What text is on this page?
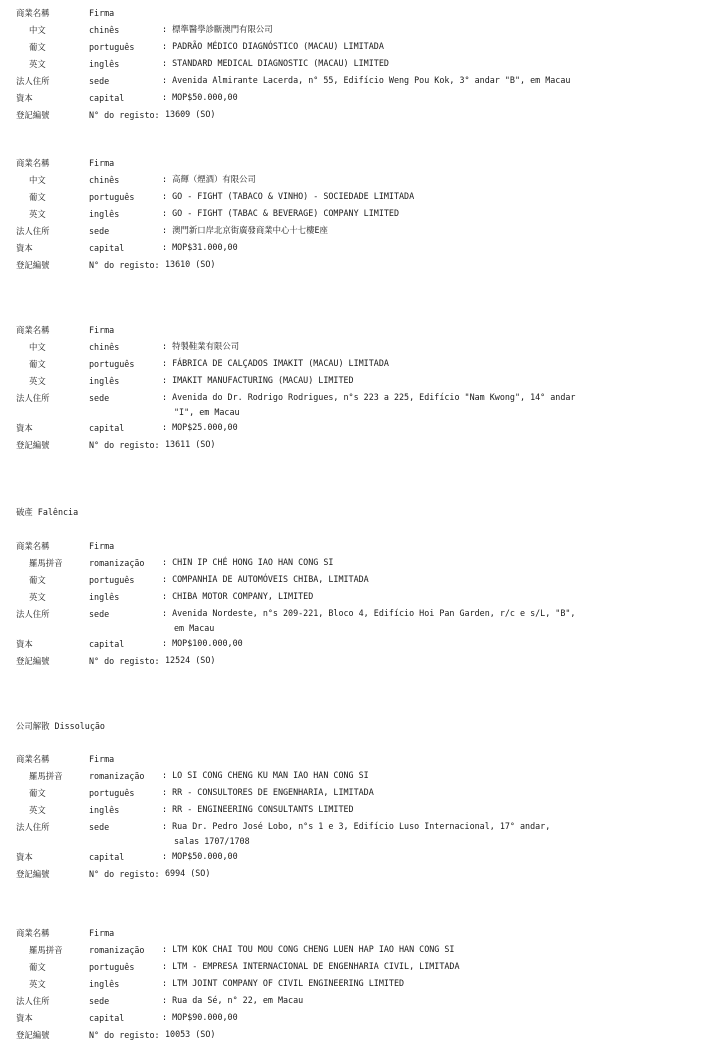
商業名稱	Firma
中文	chinês	: 標準醫學診斷澳門有限公司
葡文	português	: PADRÃO MÉDICO DIAGNÓSTICO (MACAU) LIMITADA
英文	inglês	: STANDARD MEDICAL DIAGNOSTIC (MACAU) LIMITED
法人住所	sede	: Avenida Almirante Lacerda, n° 55, Edifício Weng Pou Kok, 3° andar "B", em Macau
資本	capital	: MOP$50.000,00
登記編號	N° do registo: 13609 (SO)
商業名稱	Firma
中文	chinês	: 高輝（煙酒）有限公司
葡文	português	: GO - FIGHT (TABACO & VINHO) - SOCIEDADE LIMITADA
英文	inglês	: GO - FIGHT (TABAC & BEVERAGE) COMPANY LIMITED
法人住所	sede	: 澳門新口岸北京街廣發商業中心十七樓E座
資本	capital	: MOP$31.000,00
登記編號	N° do registo: 13610 (SO)
商業名稱	Firma
中文	chinês	: 特製鞋業有限公司
葡文	português	: FÁBRICA DE CALÇADOS IMAKIT (MACAU) LIMITADA
英文	inglês	: IMAKIT MANUFACTURING (MACAU) LIMITED
法人住所	sede	: Avenida do Dr. Rodrigo Rodrigues, n°s 223 a 225, Edifício "Nam Kwong", 14° andar
"I", em Macau
資本	capital	: MOP$25.000,00
登記編號	N° do registo: 13611 (SO)
破產 Falência
商業名稱	Firma
羅馬拼音	romanização : CHIN IP CHÉ HONG IAO HAN CONG SI
葡文	português	: COMPANHIA DE AUTOMÓVEIS CHIBA, LIMITADA
英文	inglês	: CHIBA MOTOR COMPANY, LIMITED
法人住所	sede	: Avenida Nordeste, n°s 209-221, Bloco 4, Edifício Hoi Pan Garden, r/c e s/L, "B",
em Macau
資本	capital	: MOP$100.000,00
登記編號	N° do registo: 12524 (SO)
公司解散 Dissolução
商業名稱	Firma
羅馬拼音	romanização : LO SI CONG CHENG KU MAN IAO HAN CONG SI
葡文	português	: RR - CONSULTORES DE ENGENHARIA, LIMITADA
英文	inglês	: RR - ENGINEERING CONSULTANTS LIMITED
法人住所	sede	: Rua Dr. Pedro José Lobo, n°s 1 e 3, Edifício Luso Internacional, 17° andar,
salas 1707/1708
資本	capital	: MOP$50.000,00
登記編號	N° do registo: 6994 (SO)
商業名稱	Firma
羅馬拼音	romanização : LTM KOK CHAI TOU MOU CONG CHENG LUEN HAP IAO HAN CONG SI
葡文	português	: LTM - EMPRESA INTERNACIONAL DE ENGENHARIA CIVIL, LIMITADA
英文	inglês	: LTM JOINT COMPANY OF CIVIL ENGINEERING LIMITED
法人住所	sede	: Rua da Sé, n° 22, em Macau
資本	capital	: MOP$90.000,00
登記編號	N° do registo: 10053 (SO)
